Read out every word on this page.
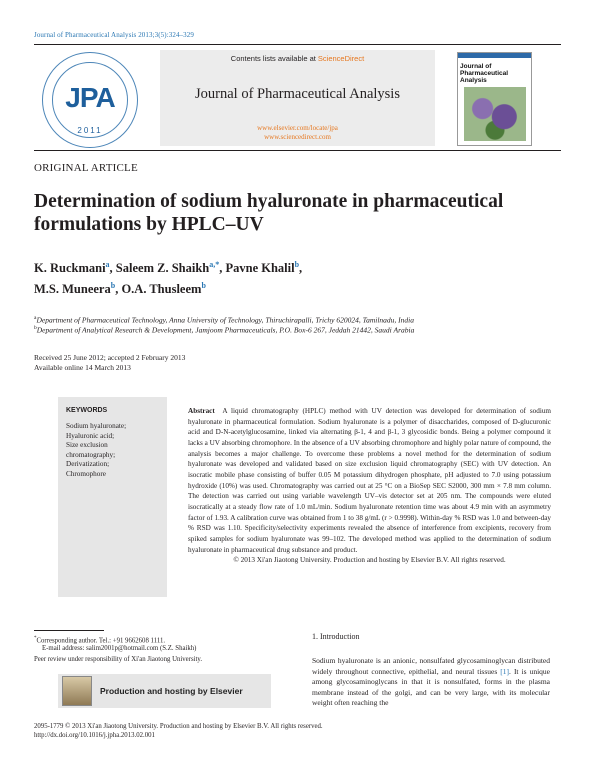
Journal of Pharmaceutical Analysis 2013;3(5):324–329
JPA
2011
Contents lists available at ScienceDirect
Journal of Pharmaceutical Analysis
www.elsevier.com/locate/jpa
www.sciencedirect.com
Journal of
Pharmaceutical
Analysis
ORIGINAL ARTICLE
Determination of sodium hyaluronate in pharmaceutical formulations by HPLC–UV
K. Ruckmani$^a$, Saleem Z. Shaikh$^{a,*}$, Pavne Khalil$^b$,
M.S. Muneera$^b$, O.A. Thusleem$^b$
$^a$Department of Pharmaceutical Technology, Anna University of Technology, Thiruchirapalli, Trichy 620024, Tamilnadu, India
$^b$Department of Analytical Research & Development, Jamjoom Pharmaceuticals, P.O. Box-6 267, Jeddah 21442, Saudi Arabia
Received 25 June 2012; accepted 2 February 2013
Available online 14 March 2013
KEYWORDS
Sodium hyaluronate;
Hyaluronic acid;
Size exclusion
chromatography;
Derivatization;
Chromophore
Abstract A liquid chromatography (HPLC) method with UV detection was developed for determination of sodium hyaluronate in pharmaceutical formulation. Sodium hyaluronate is a polymer of disaccharides, composed of D-glucuronic acid and D-N-acetylglucosamine, linked via alternating β-1, 4 and β-1, 3 glycosidic bonds. Being a polymer compound it lacks a UV absorbing chromophore. In the absence of a UV absorbing chromophore and highly polar nature of compound, the analysis becomes a major challenge. To overcome these problems a novel method for the determination of sodium hyaluronate was developed and validated based on size exclusion liquid chromatography (SEC) with UV detection. An isocratic mobile phase consisting of buffer 0.05 M potassium dihydrogen phosphate, pH adjusted to 7.0 using potassium hydroxide (10%) was used. Chromatography was carried out at 25 °C on a BioSep SEC S2000, 300 mm × 7.8 mm column. The detection was carried out using variable wavelength UV–vis detector set at 205 nm. The compounds were eluted isocratically at a steady flow rate of 1.0 mL/min. Sodium hyaluronate retention time was about 4.9 min with an asymmetry factor of 1.93. A calibration curve was obtained from 1 to 38 g/mL (r > 0.9998). Within-day % RSD was 1.0 and between-day % RSD was 1.10. Specificity/selectivity experiments revealed the absence of interference from excipients, recovery from spiked samples for sodium hyaluronate was 99–102. The developed method was applied to the determination of sodium hyaluronate in pharmaceutical drug substance and product.
© 2013 Xi'an Jiaotong University. Production and hosting by Elsevier B.V. All rights reserved.
*Corresponding author. Tel.: +91 9662608 1111.
E-mail address: salim2001p@hotmail.com (S.Z. Shaikh)
Peer review under responsibility of Xi'an Jiaotong University.
Production and hosting by Elsevier
1. Introduction
Sodium hyaluronate is an anionic, nonsulfated glycosaminoglycan distributed widely throughout connective, epithelial, and neural tissues [1]. It is unique among glycosaminoglycans in that it is nonsulfated, forms in the plasma membrane instead of the golgi, and can be very large, with its molecular weight often reaching the
2095-1779 © 2013 Xi'an Jiaotong University. Production and hosting by Elsevier B.V. All rights reserved.
http://dx.doi.org/10.1016/j.jpha.2013.02.001
